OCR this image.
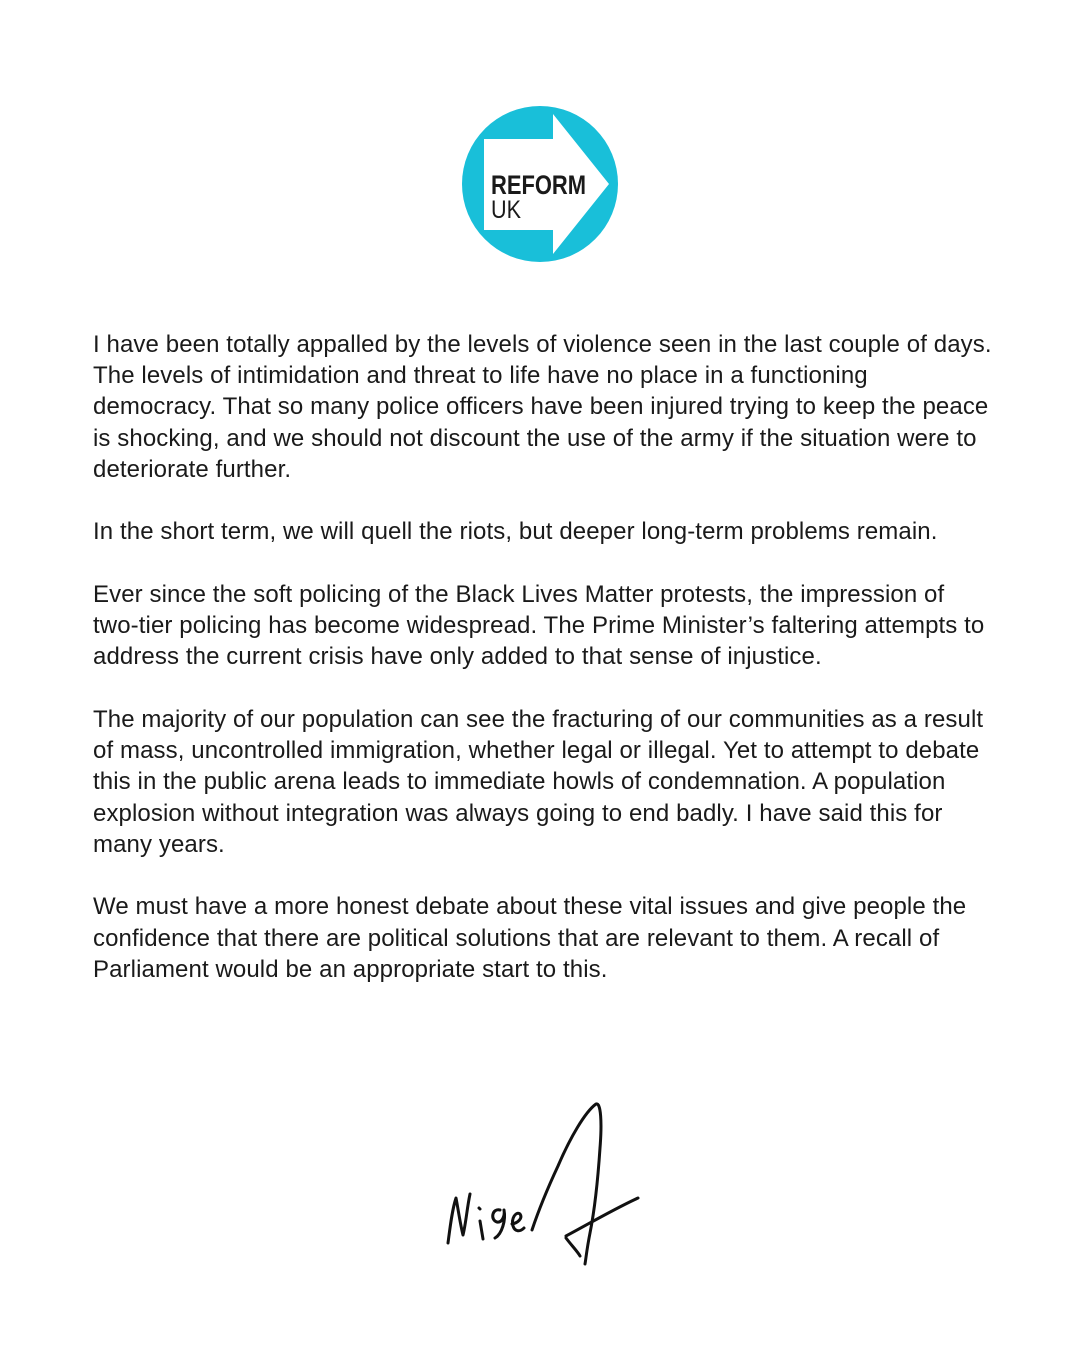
REFORM
UK

I have been totally appalled by the levels of violence seen in the last couple of days. The levels of intimidation and threat to life have no place in a functioning democracy. That so many police officers have been injured trying to keep the peace is shocking, and we should not discount the use of the army if the situation were to deteriorate further.

In the short term, we will quell the riots, but deeper long-term problems remain.

Ever since the soft policing of the Black Lives Matter protests, the impression of two-tier policing has become widespread. The Prime Minister’s faltering attempts to address the current crisis have only added to that sense of injustice.

The majority of our population can see the fracturing of our communities as a result of mass, uncontrolled immigration, whether legal or illegal. Yet to attempt to debate this in the public arena leads to immediate howls of condemnation. A population explosion without integration was always going to end badly. I have said this for many years.

We must have a more honest debate about these vital issues and give people the confidence that there are political solutions that are relevant to them. A recall of Parliament would be an appropriate start to this.
